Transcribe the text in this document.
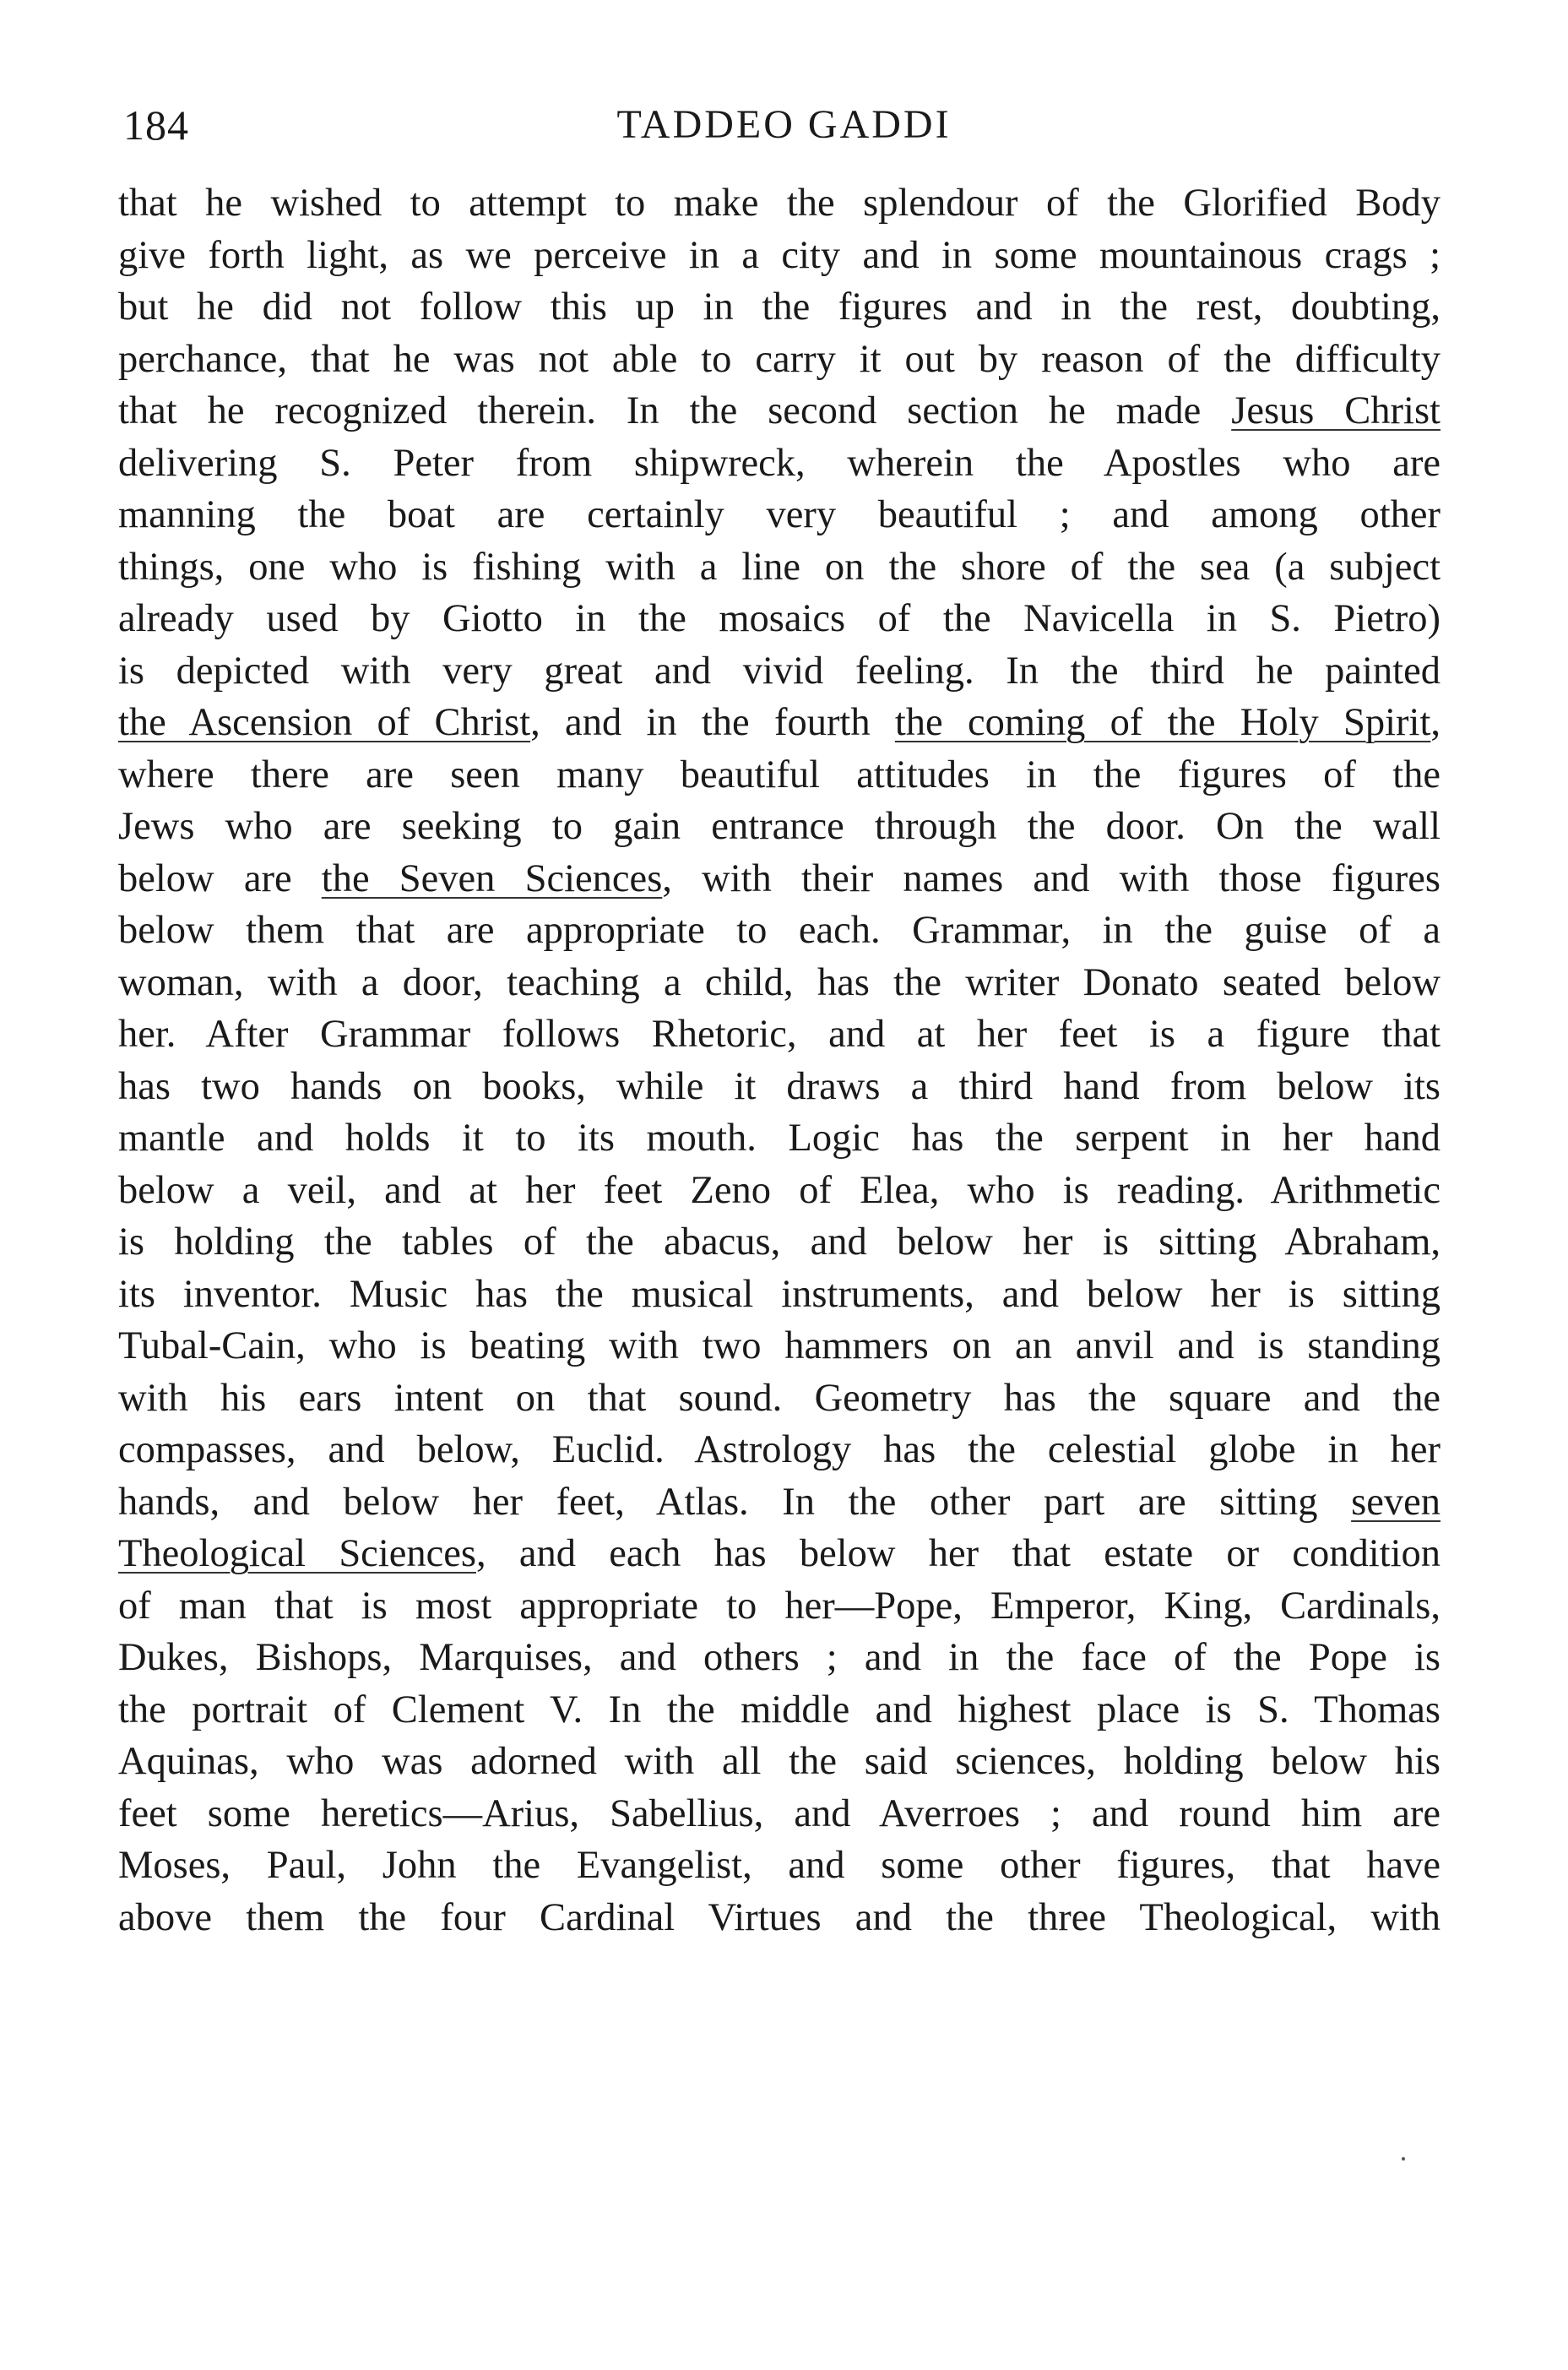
184	TADDEO GADDI
that he wished to attempt to make the splendour of the Glorified Body
give forth light, as we perceive in a city and in some mountainous crags ;
but he did not follow this up in the figures and in the rest, doubting,
perchance, that he was not able to carry it out by reason of the difficulty
that he recognized therein. In the second section he made Jesus Christ
delivering S. Peter from shipwreck, wherein the Apostles who are
manning the boat are certainly very beautiful ; and among other
things, one who is fishing with a line on the shore of the sea (a subject
already used by Giotto in the mosaics of the Navicella in S. Pietro)
is depicted with very great and vivid feeling. In the third he painted
the Ascension of Christ, and in the fourth the coming of the Holy Spirit,
where there are seen many beautiful attitudes in the figures of the
Jews who are seeking to gain entrance through the door. On the wall
below are the Seven Sciences, with their names and with those figures
below them that are appropriate to each. Grammar, in the guise of a
woman, with a door, teaching a child, has the writer Donato seated below
her. After Grammar follows Rhetoric, and at her feet is a figure that
has two hands on books, while it draws a third hand from below its
mantle and holds it to its mouth. Logic has the serpent in her hand
below a veil, and at her feet Zeno of Elea, who is reading. Arithmetic
is holding the tables of the abacus, and below her is sitting Abraham,
its inventor. Music has the musical instruments, and below her is sitting
Tubal-Cain, who is beating with two hammers on an anvil and is standing
with his ears intent on that sound. Geometry has the square and the
compasses, and below, Euclid. Astrology has the celestial globe in her
hands, and below her feet, Atlas. In the other part are sitting seven
Theological Sciences, and each has below her that estate or condition
of man that is most appropriate to her—Pope, Emperor, King, Cardinals,
Dukes, Bishops, Marquises, and others ; and in the face of the Pope is
the portrait of Clement V. In the middle and highest place is S. Thomas
Aquinas, who was adorned with all the said sciences, holding below his
feet some heretics—Arius, Sabellius, and Averroes ; and round him are
Moses, Paul, John the Evangelist, and some other figures, that have
above them the four Cardinal Virtues and the three Theological, with
